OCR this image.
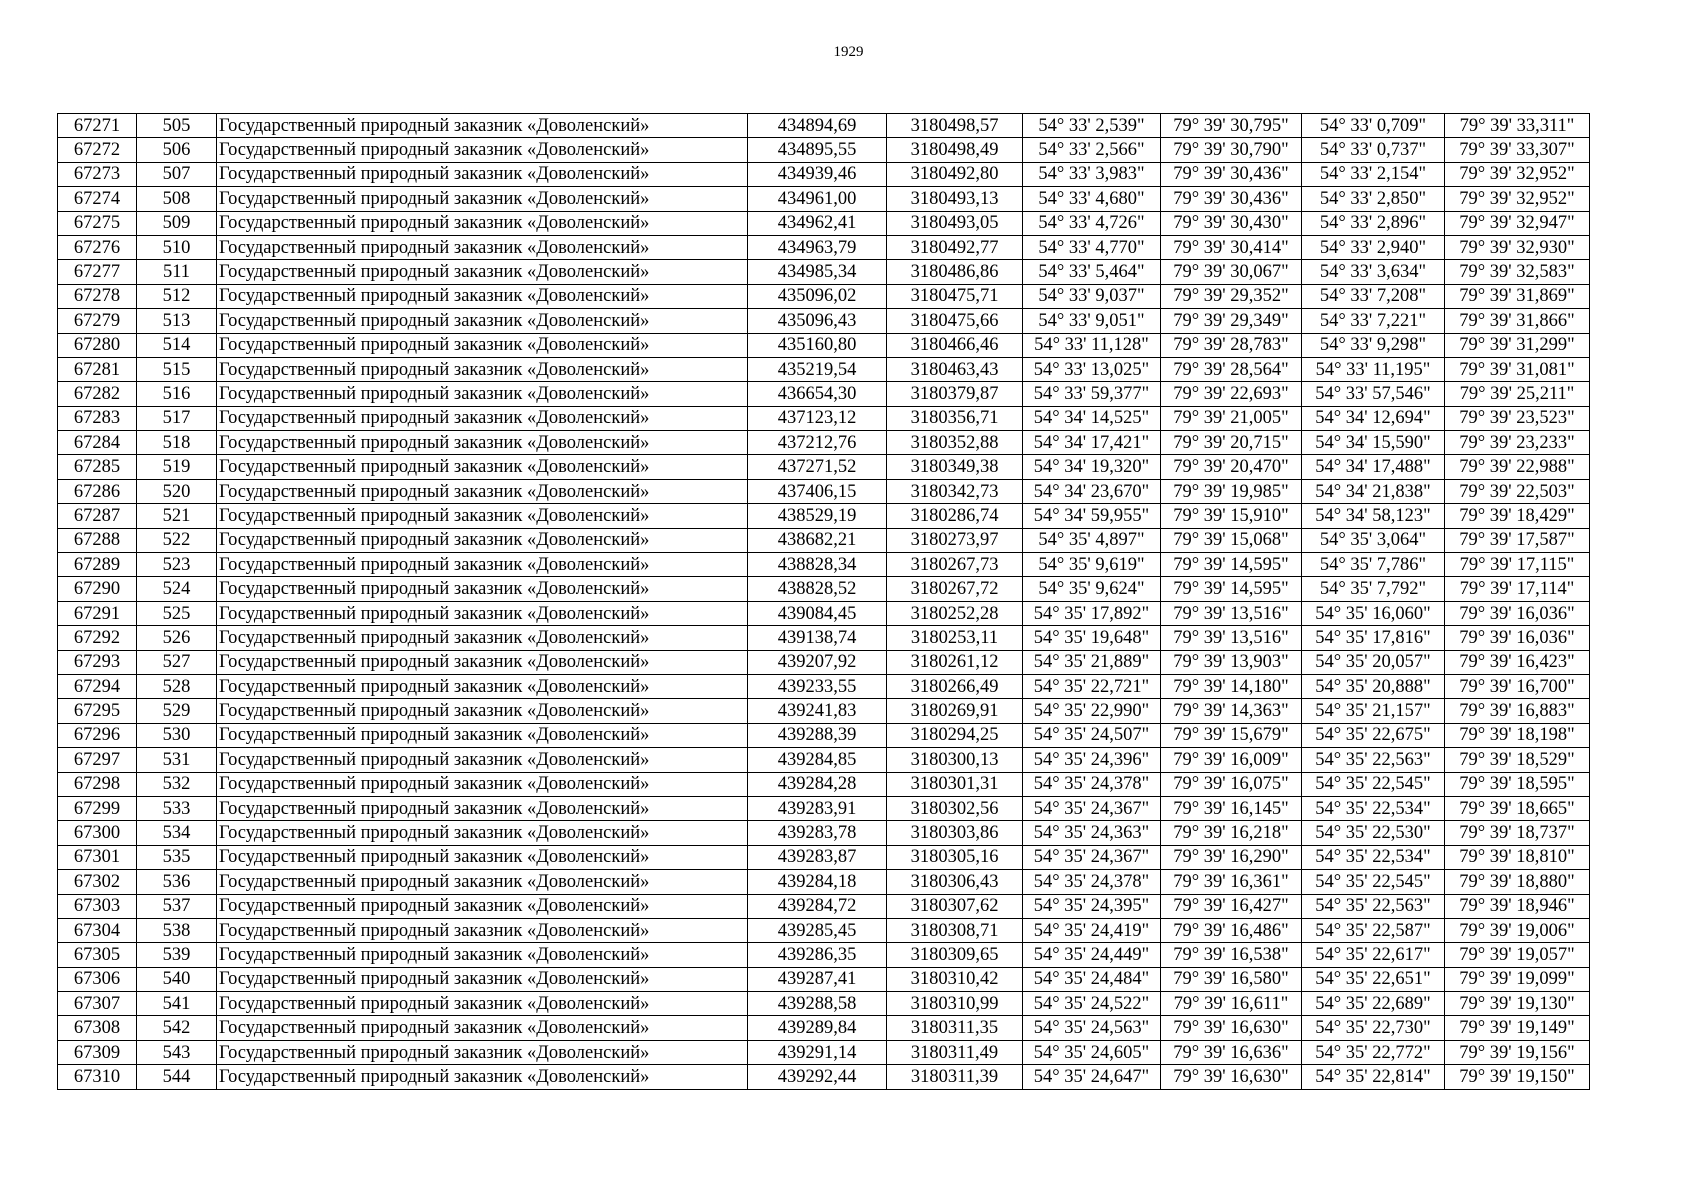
1929
67271	505	Государственный природный заказник «Доволенский»	434894,69	3180498,57	54° 33' 2,539"	79° 39' 30,795"	54° 33' 0,709"	79° 39' 33,311"
67272	506	Государственный природный заказник «Доволенский»	434895,55	3180498,49	54° 33' 2,566"	79° 39' 30,790"	54° 33' 0,737"	79° 39' 33,307"
67273	507	Государственный природный заказник «Доволенский»	434939,46	3180492,80	54° 33' 3,983"	79° 39' 30,436"	54° 33' 2,154"	79° 39' 32,952"
67274	508	Государственный природный заказник «Доволенский»	434961,00	3180493,13	54° 33' 4,680"	79° 39' 30,436"	54° 33' 2,850"	79° 39' 32,952"
67275	509	Государственный природный заказник «Доволенский»	434962,41	3180493,05	54° 33' 4,726"	79° 39' 30,430"	54° 33' 2,896"	79° 39' 32,947"
67276	510	Государственный природный заказник «Доволенский»	434963,79	3180492,77	54° 33' 4,770"	79° 39' 30,414"	54° 33' 2,940"	79° 39' 32,930"
67277	511	Государственный природный заказник «Доволенский»	434985,34	3180486,86	54° 33' 5,464"	79° 39' 30,067"	54° 33' 3,634"	79° 39' 32,583"
67278	512	Государственный природный заказник «Доволенский»	435096,02	3180475,71	54° 33' 9,037"	79° 39' 29,352"	54° 33' 7,208"	79° 39' 31,869"
67279	513	Государственный природный заказник «Доволенский»	435096,43	3180475,66	54° 33' 9,051"	79° 39' 29,349"	54° 33' 7,221"	79° 39' 31,866"
67280	514	Государственный природный заказник «Доволенский»	435160,80	3180466,46	54° 33' 11,128"	79° 39' 28,783"	54° 33' 9,298"	79° 39' 31,299"
67281	515	Государственный природный заказник «Доволенский»	435219,54	3180463,43	54° 33' 13,025"	79° 39' 28,564"	54° 33' 11,195"	79° 39' 31,081"
67282	516	Государственный природный заказник «Доволенский»	436654,30	3180379,87	54° 33' 59,377"	79° 39' 22,693"	54° 33' 57,546"	79° 39' 25,211"
67283	517	Государственный природный заказник «Доволенский»	437123,12	3180356,71	54° 34' 14,525"	79° 39' 21,005"	54° 34' 12,694"	79° 39' 23,523"
67284	518	Государственный природный заказник «Доволенский»	437212,76	3180352,88	54° 34' 17,421"	79° 39' 20,715"	54° 34' 15,590"	79° 39' 23,233"
67285	519	Государственный природный заказник «Доволенский»	437271,52	3180349,38	54° 34' 19,320"	79° 39' 20,470"	54° 34' 17,488"	79° 39' 22,988"
67286	520	Государственный природный заказник «Доволенский»	437406,15	3180342,73	54° 34' 23,670"	79° 39' 19,985"	54° 34' 21,838"	79° 39' 22,503"
67287	521	Государственный природный заказник «Доволенский»	438529,19	3180286,74	54° 34' 59,955"	79° 39' 15,910"	54° 34' 58,123"	79° 39' 18,429"
67288	522	Государственный природный заказник «Доволенский»	438682,21	3180273,97	54° 35' 4,897"	79° 39' 15,068"	54° 35' 3,064"	79° 39' 17,587"
67289	523	Государственный природный заказник «Доволенский»	438828,34	3180267,73	54° 35' 9,619"	79° 39' 14,595"	54° 35' 7,786"	79° 39' 17,115"
67290	524	Государственный природный заказник «Доволенский»	438828,52	3180267,72	54° 35' 9,624"	79° 39' 14,595"	54° 35' 7,792"	79° 39' 17,114"
67291	525	Государственный природный заказник «Доволенский»	439084,45	3180252,28	54° 35' 17,892"	79° 39' 13,516"	54° 35' 16,060"	79° 39' 16,036"
67292	526	Государственный природный заказник «Доволенский»	439138,74	3180253,11	54° 35' 19,648"	79° 39' 13,516"	54° 35' 17,816"	79° 39' 16,036"
67293	527	Государственный природный заказник «Доволенский»	439207,92	3180261,12	54° 35' 21,889"	79° 39' 13,903"	54° 35' 20,057"	79° 39' 16,423"
67294	528	Государственный природный заказник «Доволенский»	439233,55	3180266,49	54° 35' 22,721"	79° 39' 14,180"	54° 35' 20,888"	79° 39' 16,700"
67295	529	Государственный природный заказник «Доволенский»	439241,83	3180269,91	54° 35' 22,990"	79° 39' 14,363"	54° 35' 21,157"	79° 39' 16,883"
67296	530	Государственный природный заказник «Доволенский»	439288,39	3180294,25	54° 35' 24,507"	79° 39' 15,679"	54° 35' 22,675"	79° 39' 18,198"
67297	531	Государственный природный заказник «Доволенский»	439284,85	3180300,13	54° 35' 24,396"	79° 39' 16,009"	54° 35' 22,563"	79° 39' 18,529"
67298	532	Государственный природный заказник «Доволенский»	439284,28	3180301,31	54° 35' 24,378"	79° 39' 16,075"	54° 35' 22,545"	79° 39' 18,595"
67299	533	Государственный природный заказник «Доволенский»	439283,91	3180302,56	54° 35' 24,367"	79° 39' 16,145"	54° 35' 22,534"	79° 39' 18,665"
67300	534	Государственный природный заказник «Доволенский»	439283,78	3180303,86	54° 35' 24,363"	79° 39' 16,218"	54° 35' 22,530"	79° 39' 18,737"
67301	535	Государственный природный заказник «Доволенский»	439283,87	3180305,16	54° 35' 24,367"	79° 39' 16,290"	54° 35' 22,534"	79° 39' 18,810"
67302	536	Государственный природный заказник «Доволенский»	439284,18	3180306,43	54° 35' 24,378"	79° 39' 16,361"	54° 35' 22,545"	79° 39' 18,880"
67303	537	Государственный природный заказник «Доволенский»	439284,72	3180307,62	54° 35' 24,395"	79° 39' 16,427"	54° 35' 22,563"	79° 39' 18,946"
67304	538	Государственный природный заказник «Доволенский»	439285,45	3180308,71	54° 35' 24,419"	79° 39' 16,486"	54° 35' 22,587"	79° 39' 19,006"
67305	539	Государственный природный заказник «Доволенский»	439286,35	3180309,65	54° 35' 24,449"	79° 39' 16,538"	54° 35' 22,617"	79° 39' 19,057"
67306	540	Государственный природный заказник «Доволенский»	439287,41	3180310,42	54° 35' 24,484"	79° 39' 16,580"	54° 35' 22,651"	79° 39' 19,099"
67307	541	Государственный природный заказник «Доволенский»	439288,58	3180310,99	54° 35' 24,522"	79° 39' 16,611"	54° 35' 22,689"	79° 39' 19,130"
67308	542	Государственный природный заказник «Доволенский»	439289,84	3180311,35	54° 35' 24,563"	79° 39' 16,630"	54° 35' 22,730"	79° 39' 19,149"
67309	543	Государственный природный заказник «Доволенский»	439291,14	3180311,49	54° 35' 24,605"	79° 39' 16,636"	54° 35' 22,772"	79° 39' 19,156"
67310	544	Государственный природный заказник «Доволенский»	439292,44	3180311,39	54° 35' 24,647"	79° 39' 16,630"	54° 35' 22,814"	79° 39' 19,150"
